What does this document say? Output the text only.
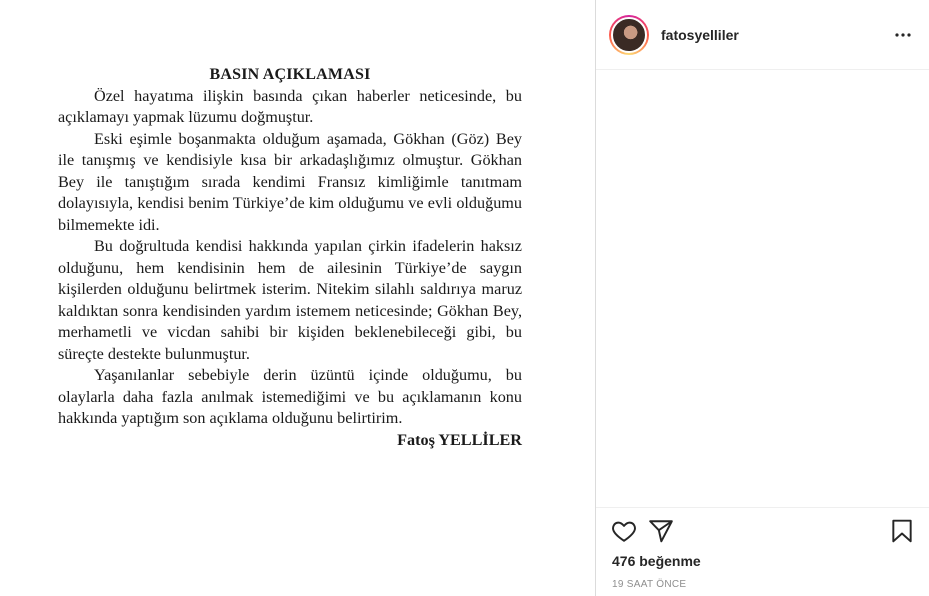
BASIN AÇIKLAMASI

Özel hayatıma ilişkin basında çıkan haberler neticesinde, bu açıklamayı yapmak lüzumu doğmuştur.

Eski eşimle boşanmakta olduğum aşamada, Gökhan (Göz) Bey ile tanışmış ve kendisiyle kısa bir arkadaşlığımız olmuştur. Gökhan Bey ile tanıştığım sırada kendimi Fransız kimliğimle tanıtmam dolayısıyla, kendisi benim Türkiye’de kim olduğumu ve evli olduğumu bilmemekte idi.

Bu doğrultuda kendisi hakkında yapılan çirkin ifadelerin haksız olduğunu, hem kendisinin hem de ailesinin Türkiye’de saygın kişilerden olduğunu belirtmek isterim. Nitekim silahlı saldırıya maruz kaldıktan sonra kendisinden yardım istemem neticesinde; Gökhan Bey, merhametli ve vicdan sahibi bir kişiden beklenebileceği gibi, bu süreçte destekte bulunmuştur.

Yaşanılanlar sebebiyle derin üzüntü içinde olduğumu, bu olaylarla daha fazla anılmak istemediğimi ve bu açıklamanın konu hakkında yaptığım son açıklama olduğunu belirtirim.

Fatoş YELLİLER

fatosyelliler
476 beğenme
19 SAAT ÖNCE
